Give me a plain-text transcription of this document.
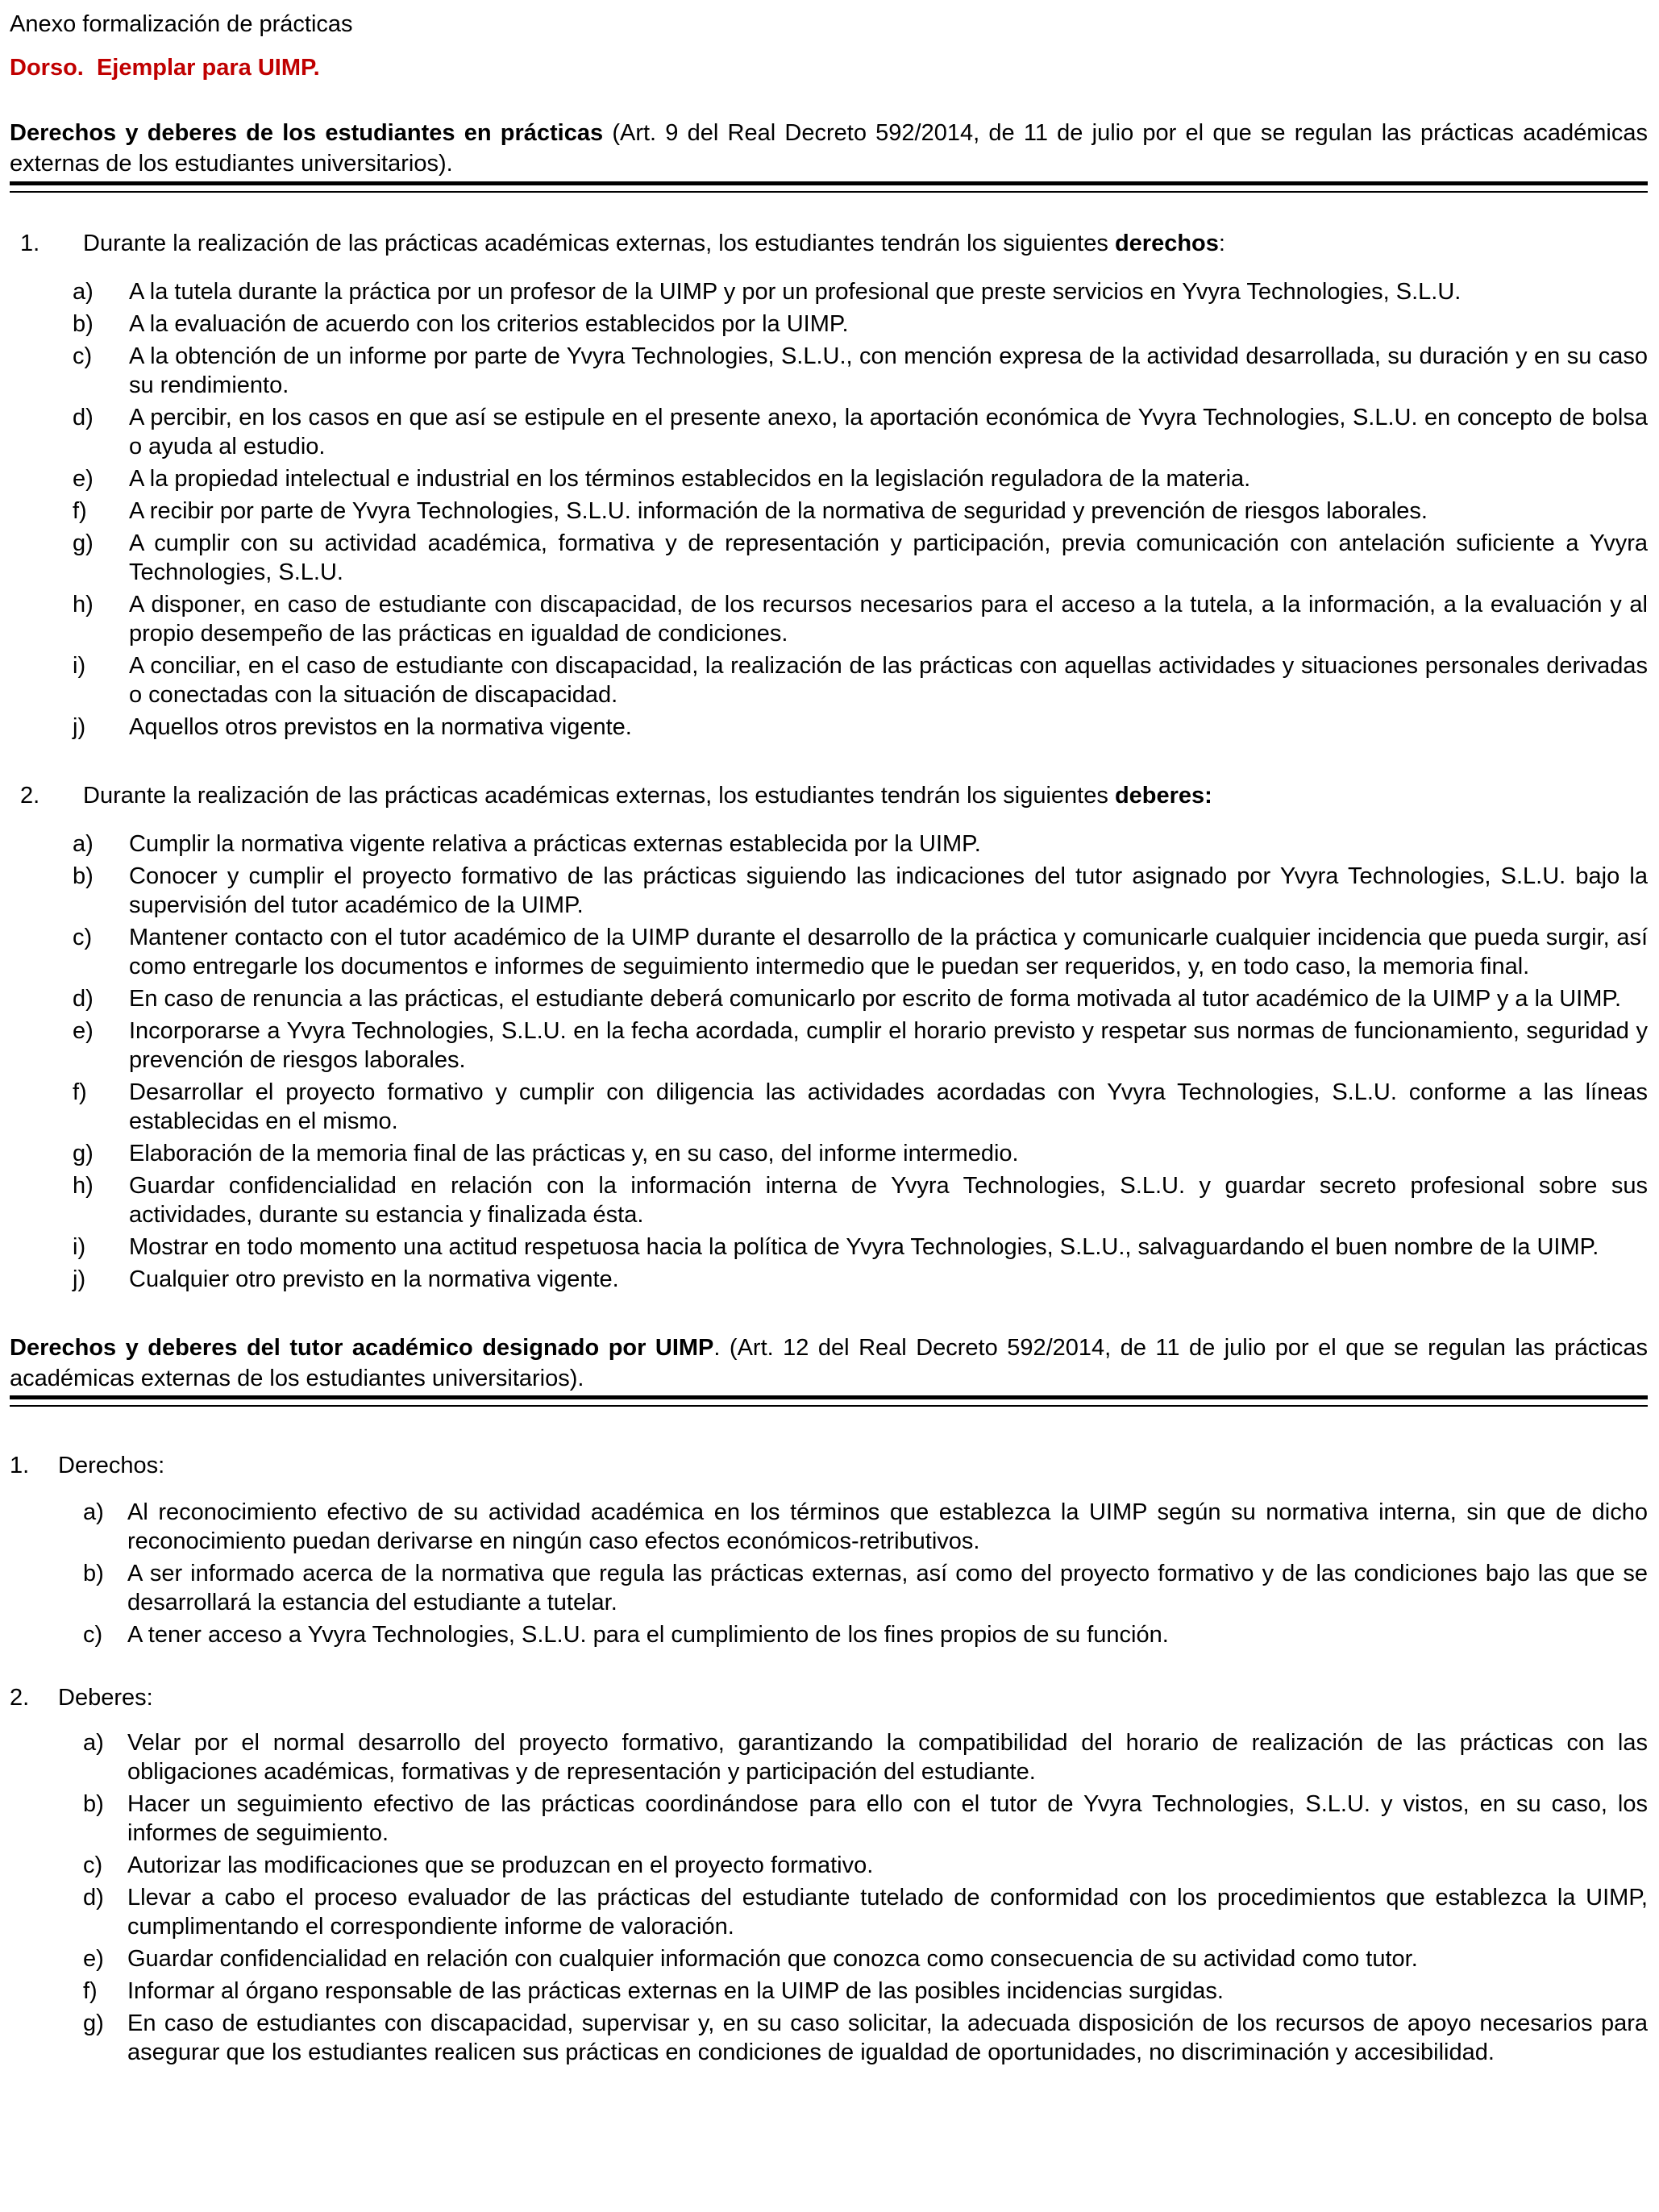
Anexo formalización de prácticas

Dorso.  Ejemplar para UIMP.

Derechos y deberes de los estudiantes en prácticas (Art. 9 del Real Decreto 592/2014, de 11 de julio por el que se regulan las prácticas académicas externas de los estudiantes universitarios).

1. Durante la realización de las prácticas académicas externas, los estudiantes tendrán los siguientes derechos:
a) A la tutela durante la práctica por un profesor de la UIMP y por un profesional que preste servicios en Yvyra Technologies, S.L.U.
b) A la evaluación de acuerdo con los criterios establecidos por la UIMP.
c) A la obtención de un informe por parte de Yvyra Technologies, S.L.U., con mención expresa de la actividad desarrollada, su duración y en su caso su rendimiento.
d) A percibir, en los casos en que así se estipule en el presente anexo, la aportación económica de Yvyra Technologies, S.L.U. en concepto de bolsa o ayuda al estudio.
e) A la propiedad intelectual e industrial en los términos establecidos en la legislación reguladora de la materia.
f) A recibir por parte de Yvyra Technologies, S.L.U. información de la normativa de seguridad y prevención de riesgos laborales.
g) A cumplir con su actividad académica, formativa y de representación y participación, previa comunicación con antelación suficiente a Yvyra Technologies, S.L.U.
h) A disponer, en caso de estudiante con discapacidad, de los recursos necesarios para el acceso a la tutela, a la información, a la evaluación y al propio desempeño de las prácticas en igualdad de condiciones.
i) A conciliar, en el caso de estudiante con discapacidad, la realización de las prácticas con aquellas actividades y situaciones personales derivadas o conectadas con la situación de discapacidad.
j) Aquellos otros previstos en la normativa vigente.
2. Durante la realización de las prácticas académicas externas, los estudiantes tendrán los siguientes deberes:
a) Cumplir la normativa vigente relativa a prácticas externas establecida por la UIMP.
b) Conocer y cumplir el proyecto formativo de las prácticas siguiendo las indicaciones del tutor asignado por Yvyra Technologies, S.L.U. bajo la supervisión del tutor académico de la UIMP.
c) Mantener contacto con el tutor académico de la UIMP durante el desarrollo de la práctica y comunicarle cualquier incidencia que pueda surgir, así como entregarle los documentos e informes de seguimiento intermedio que le puedan ser requeridos, y, en todo caso, la memoria final.
d) En caso de renuncia a las prácticas, el estudiante deberá comunicarlo por escrito de forma motivada al tutor académico de la UIMP y a la UIMP.
e) Incorporarse a Yvyra Technologies, S.L.U. en la fecha acordada, cumplir el horario previsto y respetar sus normas de funcionamiento, seguridad y prevención de riesgos laborales.
f) Desarrollar el proyecto formativo y cumplir con diligencia las actividades acordadas con Yvyra Technologies, S.L.U. conforme a las líneas establecidas en el mismo.
g) Elaboración de la memoria final de las prácticas y, en su caso, del informe intermedio.
h) Guardar confidencialidad en relación con la información interna de Yvyra Technologies, S.L.U. y guardar secreto profesional sobre sus actividades, durante su estancia y finalizada ésta.
i) Mostrar en todo momento una actitud respetuosa hacia la política de Yvyra Technologies, S.L.U., salvaguardando el buen nombre de la UIMP.
j) Cualquier otro previsto en la normativa vigente.

Derechos y deberes del tutor académico designado por UIMP. (Art. 12 del Real Decreto 592/2014, de 11 de julio por el que se regulan las prácticas académicas externas de los estudiantes universitarios).

1. Derechos:
a) Al reconocimiento efectivo de su actividad académica en los términos que establezca la UIMP según su normativa interna, sin que de dicho reconocimiento puedan derivarse en ningún caso efectos económicos-retributivos.
b) A ser informado acerca de la normativa que regula las prácticas externas, así como del proyecto formativo y de las condiciones bajo las que se desarrollará la estancia del estudiante a tutelar.
c) A tener acceso a Yvyra Technologies, S.L.U. para el cumplimiento de los fines propios de su función.
2. Deberes:
a) Velar por el normal desarrollo del proyecto formativo, garantizando la compatibilidad del horario de realización de las prácticas con las obligaciones académicas, formativas y de representación y participación del estudiante.
b) Hacer un seguimiento efectivo de las prácticas coordinándose para ello con el tutor de Yvyra Technologies, S.L.U. y vistos, en su caso, los informes de seguimiento.
c) Autorizar las modificaciones que se produzcan en el proyecto formativo.
d) Llevar a cabo el proceso evaluador de las prácticas del estudiante tutelado de conformidad con los procedimientos que establezca la UIMP, cumplimentando el correspondiente informe de valoración.
e) Guardar confidencialidad en relación con cualquier información que conozca como consecuencia de su actividad como tutor.
f) Informar al órgano responsable de las prácticas externas en la UIMP de las posibles incidencias surgidas.
g) En caso de estudiantes con discapacidad, supervisar y, en su caso solicitar, la adecuada disposición de los recursos de apoyo necesarios para asegurar que los estudiantes realicen sus prácticas en condiciones de igualdad de oportunidades, no discriminación y accesibilidad.
